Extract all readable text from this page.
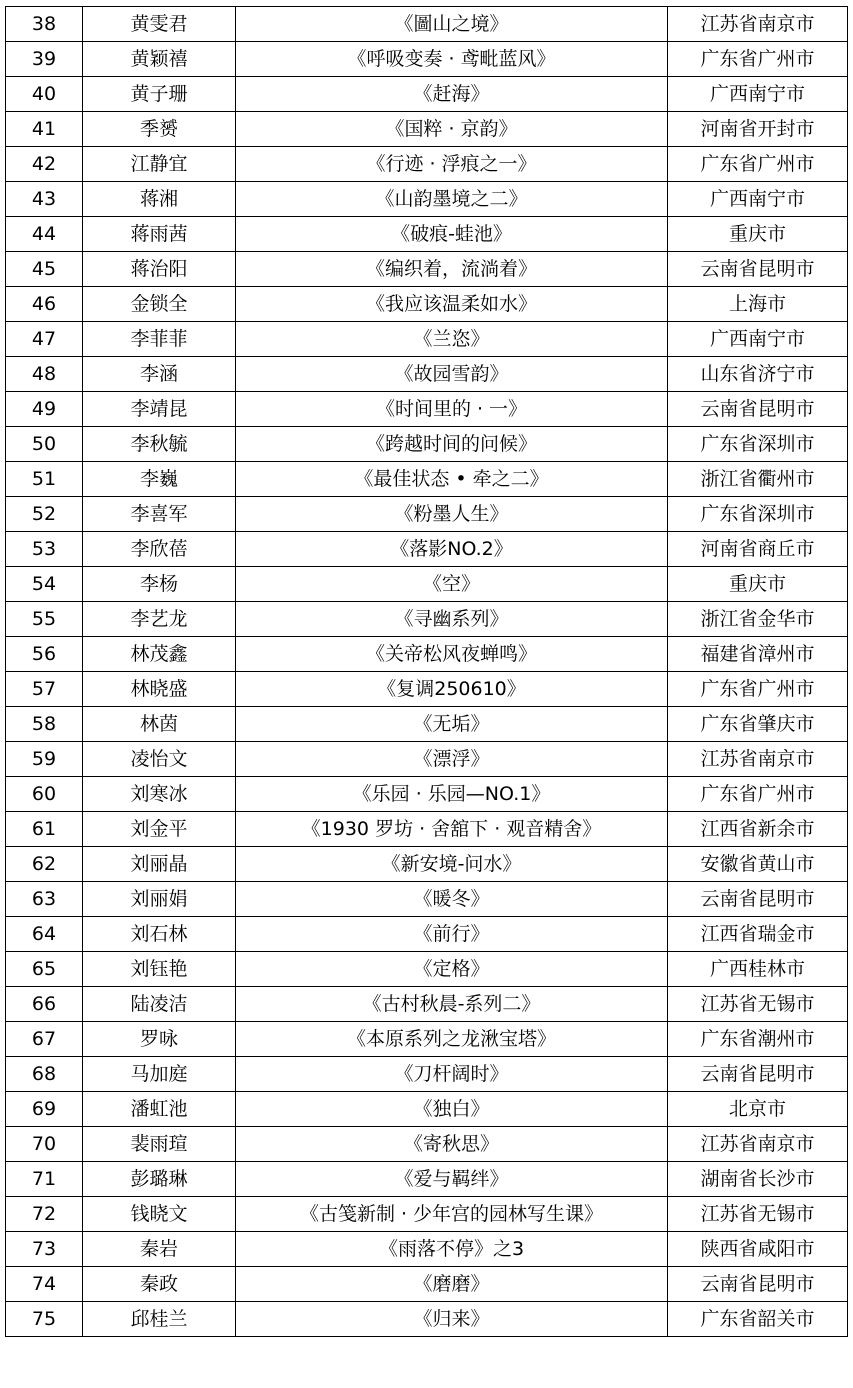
38	黄雯君	《圖山之境》	江苏省南京市
39	黄颖禧	《呼吸变奏 · 鸢毗蓝风》	广东省广州市
40	黄子珊	《赶海》	广西南宁市
41	季赟	《国粹 · 京韵》	河南省开封市
42	江静宜	《行迹 · 浮痕之一》	广东省广州市
43	蒋湘	《山韵墨境之二》	广西南宁市
44	蒋雨茜	《破痕-蛙池》	重庆市
45	蒋治阳	《编织着，流淌着》	云南省昆明市
46	金锁全	《我应该温柔如水》	上海市
47	李菲菲	《兰恣》	广西南宁市
48	李涵	《故园雪韵》	山东省济宁市
49	李靖昆	《时间里的 · 一》	云南省昆明市
50	李秋毓	《跨越时间的问候》	广东省深圳市
51	李巍	《最佳状态 • 牵之二》	浙江省衢州市
52	李喜军	《粉墨人生》	广东省深圳市
53	李欣蓓	《落影NO.2》	河南省商丘市
54	李杨	《空》	重庆市
55	李艺龙	《寻幽系列》	浙江省金华市
56	林茂鑫	《关帝松风夜蝉鸣》	福建省漳州市
57	林晓盛	《复调250610》	广东省广州市
58	林茵	《无垢》	广东省肇庆市
59	凌怡文	《漂浮》	江苏省南京市
60	刘寒冰	《乐园 · 乐园—NO.1》	广东省广州市
61	刘金平	《1930 罗坊 · 舍舘下 · 观音精舍》	江西省新余市
62	刘丽晶	《新安境-问水》	安徽省黄山市
63	刘丽娟	《暖冬》	云南省昆明市
64	刘石林	《前行》	江西省瑞金市
65	刘钰艳	《定格》	广西桂林市
66	陆凌洁	《古村秋晨-系列二》	江苏省无锡市
67	罗咏	《本原系列之龙湫宝塔》	广东省潮州市
68	马加庭	《刀杆阔时》	云南省昆明市
69	潘虹池	《独白》	北京市
70	裴雨瑄	《寄秋思》	江苏省南京市
71	彭璐琳	《爱与羁绊》	湖南省长沙市
72	钱晓文	《古笺新制 · 少年宫的园林写生课》	江苏省无锡市
73	秦岩	《雨落不停》之3	陕西省咸阳市
74	秦政	《磨磨》	云南省昆明市
75	邱桂兰	《归来》	广东省韶关市
